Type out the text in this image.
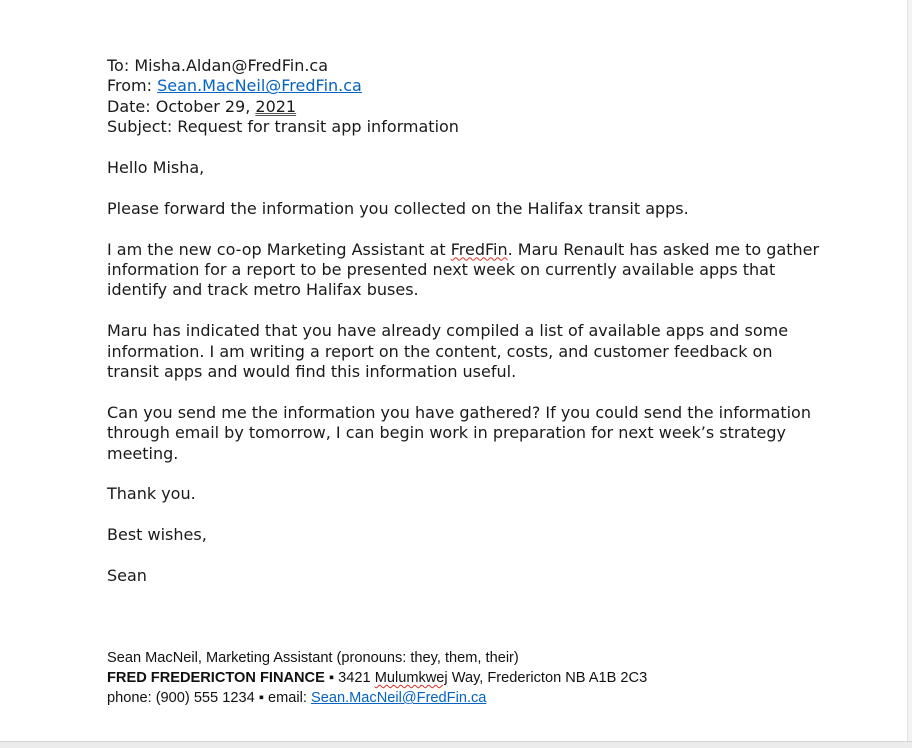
To: Misha.Aldan@FredFin.ca
From: Sean.MacNeil@FredFin.ca
Date: October 29, 2021

Subject: Request for transit app information

Hello Misha,

Please forward the information you collected on the Halifax transit apps.

I am the new co-op Marketing Assistant at FredFin. Maru Renault has asked me to gather information for a report to be presented next week on currently available apps that identify and track metro Halifax buses.

Maru has indicated that you have already compiled a list of available apps and some information. I am writing a report on the content, costs, and customer feedback on transit apps and would find this information useful.

Can you send me the information you have gathered? If you could send the information through email by tomorrow, I can begin work in preparation for next week’s strategy meeting.

Thank you.

Best wishes,

Sean

Sean MacNeil, Marketing Assistant (pronouns: they, them, their)
FRED FREDERICTON FINANCE ▪ 3421 Mulumkwej Way, Fredericton NB A1B 2C3
phone: (900) 555 1234 ▪ email: Sean.MacNeil@FredFin.ca
